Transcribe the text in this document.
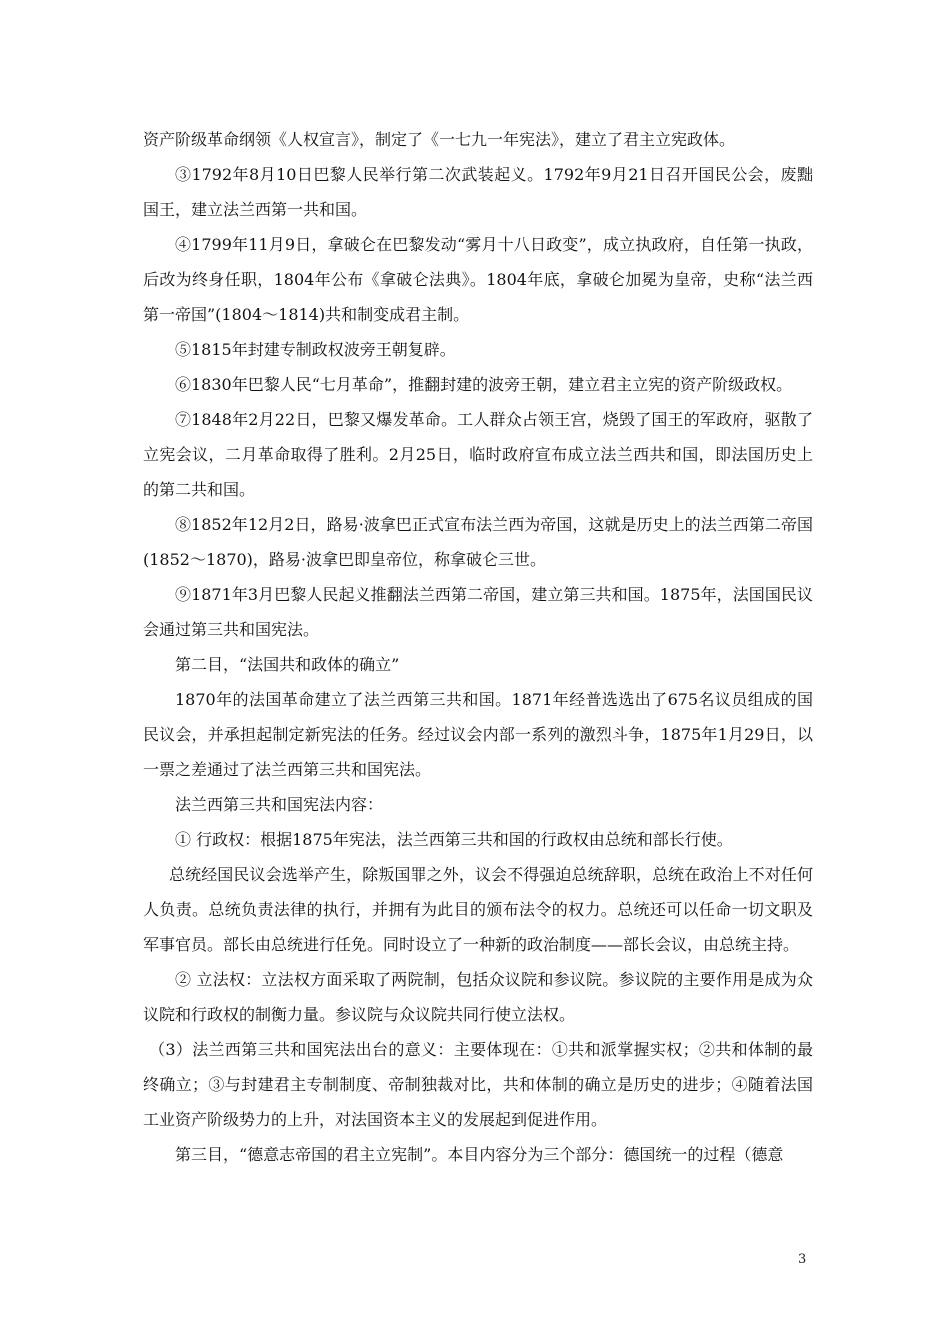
资产阶级革命纲领《人权宣言》，制定了《一七九一年宪法》，建立了君主立宪政体。

③1792年8月10日巴黎人民举行第二次武装起义。1792年9月21日召开国民公会，废黜国王，建立法兰西第一共和国。

④1799年11月9日，拿破仑在巴黎发动“雾月十八日政变”，成立执政府，自任第一执政，后改为终身任职，1804年公布《拿破仑法典》。1804年底，拿破仑加冕为皇帝，史称“法兰西第一帝国”(1804～1814)共和制变成君主制。

⑤1815年封建专制政权波旁王朝复辟。

⑥1830年巴黎人民“七月革命”，推翻封建的波旁王朝，建立君主立宪的资产阶级政权。

⑦1848年2月22日，巴黎又爆发革命。工人群众占领王宫，烧毁了国王的军政府，驱散了立宪会议，二月革命取得了胜利。2月25日，临时政府宣布成立法兰西共和国，即法国历史上的第二共和国。

⑧1852年12月2日，路易·波拿巴正式宣布法兰西为帝国，这就是历史上的法兰西第二帝国(1852～1870)，路易·波拿巴即皇帝位，称拿破仑三世。

⑨1871年3月巴黎人民起义推翻法兰西第二帝国，建立第三共和国。1875年，法国国民议会通过第三共和国宪法。

第二目，“法国共和政体的确立”

1870年的法国革命建立了法兰西第三共和国。1871年经普选选出了675名议员组成的国民议会，并承担起制定新宪法的任务。经过议会内部一系列的激烈斗争，1875年1月29日，以一票之差通过了法兰西第三共和国宪法。

法兰西第三共和国宪法内容：

① 行政权：根据1875年宪法，法兰西第三共和国的行政权由总统和部长行使。

总统经国民议会选举产生，除叛国罪之外，议会不得强迫总统辞职，总统在政治上不对任何人负责。总统负责法律的执行，并拥有为此目的颁布法令的权力。总统还可以任命一切文职及军事官员。部长由总统进行任免。同时设立了一种新的政治制度——部长会议，由总统主持。

② 立法权：立法权方面采取了两院制，包括众议院和参议院。参议院的主要作用是成为众议院和行政权的制衡力量。参议院与众议院共同行使立法权。

（3）法兰西第三共和国宪法出台的意义：主要体现在：①共和派掌握实权；②共和体制的最终确立；③与封建君主专制制度、帝制独裁对比，共和体制的确立是历史的进步；④随着法国工业资产阶级势力的上升，对法国资本主义的发展起到促进作用。

第三目，“德意志帝国的君主立宪制”。本目内容分为三个部分：德国统一的过程（德意

3
